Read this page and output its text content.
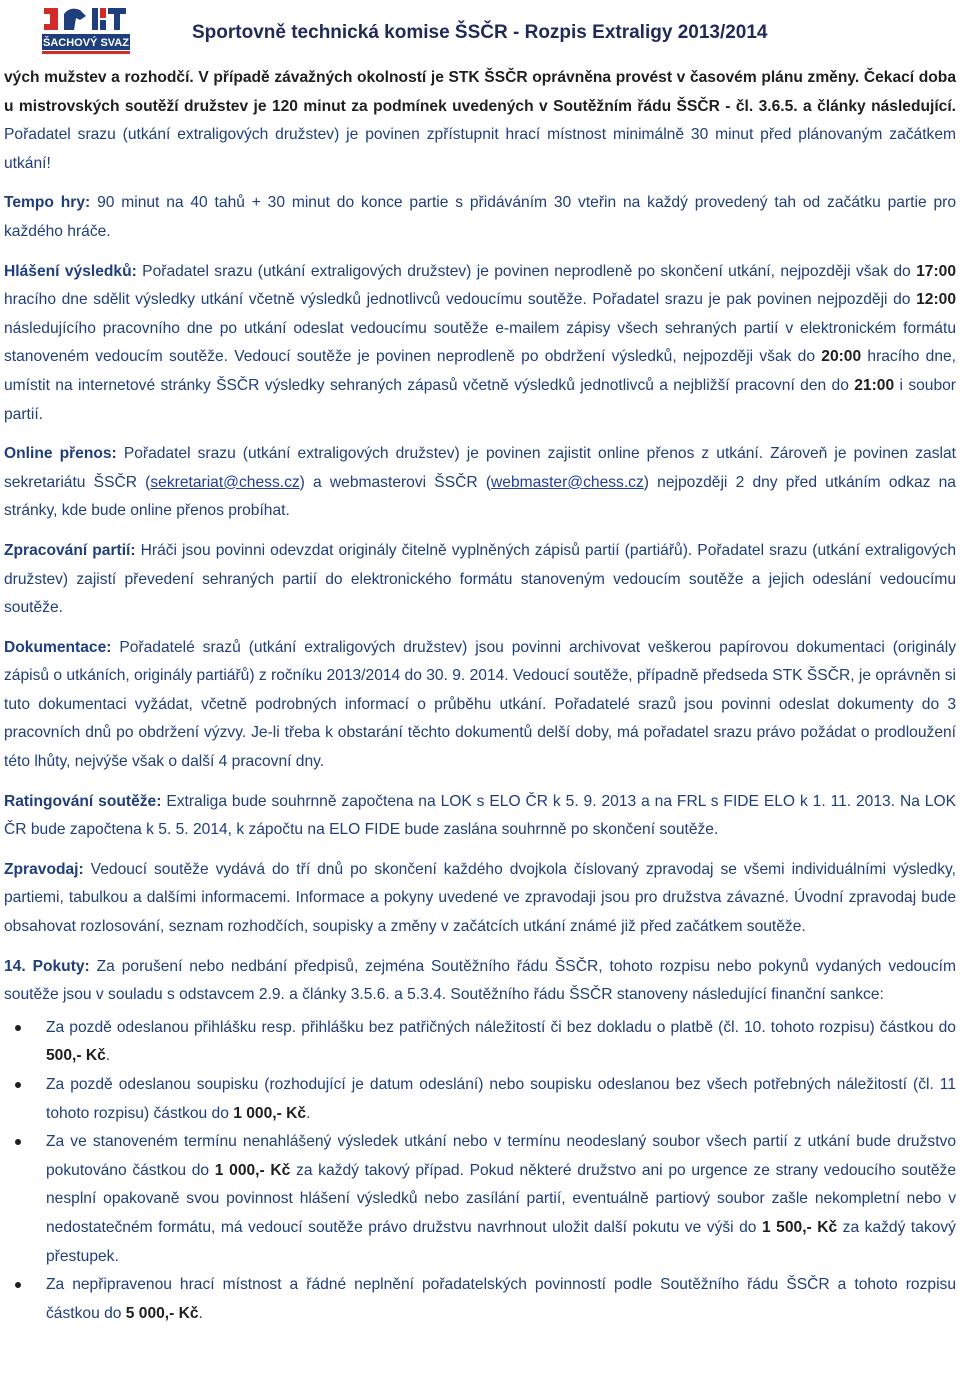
ŠACHOVÝ SVAZ	Sportovně technická komise ŠSČR - Rozpis Extraligy 2013/2014

vých mužstev a rozhodčí. V případě závažných okolností je STK ŠSČR oprávněna provést v časovém plánu změny. Čekací doba u mistrovských soutěží družstev je 120 minut za podmínek uvedených v Soutěžním řádu ŠSČR - čl. 3.6.5. a články následující. Pořadatel srazu (utkání extraligových družstev) je povinen zpřístupnit hrací místnost minimálně 30 minut před plánovaným začátkem utkání!

Tempo hry: 90 minut na 40 tahů + 30 minut do konce partie s přidáváním 30 vteřin na každý provedený tah od začátku partie pro každého hráče.

Hlášení výsledků: Pořadatel srazu (utkání extraligových družstev) je povinen neprodleně po skončení utkání, nejpozději však do 17:00 hracího dne sdělit výsledky utkání včetně výsledků jednotlivců vedoucímu soutěže. Pořadatel srazu je pak povinen nejpozději do 12:00 následujícího pracovního dne po utkání odeslat vedoucímu soutěže e-mailem zápisy všech sehraných partií v elektronickém formátu stanoveném vedoucím soutěže. Vedoucí soutěže je povinen neprodleně po obdržení výsledků, nejpozději však do 20:00 hracího dne, umístit na internetové stránky ŠSČR výsledky sehraných zápasů včetně výsledků jednotlivců a nejbližší pracovní den do 21:00 i soubor partií.

Online přenos: Pořadatel srazu (utkání extraligových družstev) je povinen zajistit online přenos z utkání. Zároveň je povinen zaslat sekretariátu ŠSČR (sekretariat@chess.cz) a webmasterovi ŠSČR (webmaster@chess.cz) nejpozději 2 dny před utkáním odkaz na stránky, kde bude online přenos probíhat.

Zpracování partií: Hráči jsou povinni odevzdat originály čitelně vyplněných zápisů partií (partiářů). Pořadatel srazu (utkání extraligových družstev) zajistí převedení sehraných partií do elektronického formátu stanoveným vedoucím soutěže a jejich odeslání vedoucímu soutěže.

Dokumentace: Pořadatelé srazů (utkání extraligových družstev) jsou povinni archivovat veškerou papírovou dokumentaci (originály zápisů o utkáních, originály partiářů) z ročníku 2013/2014 do 30. 9. 2014. Vedoucí soutěže, případně předseda STK ŠSČR, je oprávněn si tuto dokumentaci vyžádat, včetně podrobných informací o průběhu utkání. Pořadatelé srazů jsou povinni odeslat dokumenty do 3 pracovních dnů po obdržení výzvy. Je-li třeba k obstarání těchto dokumentů delší doby, má pořadatel srazu právo požádat o prodloužení této lhůty, nejvýše však o další 4 pracovní dny.

Ratingování soutěže: Extraliga bude souhrnně započtena na LOK s ELO ČR k 5. 9. 2013 a na FRL s FIDE ELO k 1. 11. 2013. Na LOK ČR bude započtena k 5. 5. 2014, k zápočtu na ELO FIDE bude zaslána souhrnně po skončení soutěže.

Zpravodaj: Vedoucí soutěže vydává do tří dnů po skončení každého dvojkola číslovaný zpravodaj se všemi individuálními výsledky, partiemi, tabulkou a dalšími informacemi. Informace a pokyny uvedené ve zpravodaji jsou pro družstva závazné. Úvodní zpravodaj bude obsahovat rozlosování, seznam rozhodčích, soupisky a změny v začátcích utkání známé již před začátkem soutěže.

14. Pokuty: Za porušení nebo nedbání předpisů, zejména Soutěžního řádu ŠSČR, tohoto rozpisu nebo pokynů vydaných vedoucím soutěže jsou v souladu s odstavcem 2.9. a články 3.5.6. a 5.3.4. Soutěžního řádu ŠSČR stanoveny následující finanční sankce:

Za pozdě odeslanou přihlášku resp. přihlášku bez patřičných náležitostí či bez dokladu o platbě (čl. 10. tohoto rozpisu) částkou do 500,- Kč.
Za pozdě odeslanou soupisku (rozhodující je datum odeslání) nebo soupisku odeslanou bez všech potřebných náležitostí (čl. 11 tohoto rozpisu) částkou do 1 000,- Kč.
Za ve stanoveném termínu nenahlášený výsledek utkání nebo v termínu neodeslaný soubor všech partií z utkání bude družstvo pokutováno částkou do 1 000,- Kč za každý takový případ. Pokud některé družstvo ani po urgence ze strany vedoucího soutěže nesplní opakovaně svou povinnost hlášení výsledků nebo zasílání partií, eventuálně partiový soubor zašle nekompletní nebo v nedostatečném formátu, má vedoucí soutěže právo družstvu navrhnout uložit další pokutu ve výši do 1 500,- Kč za každý takový přestupek.
Za nepřipravenou hrací místnost a řádné neplnění pořadatelských povinností podle Soutěžního řádu ŠSČR a tohoto rozpisu částkou do 5 000,- Kč.
